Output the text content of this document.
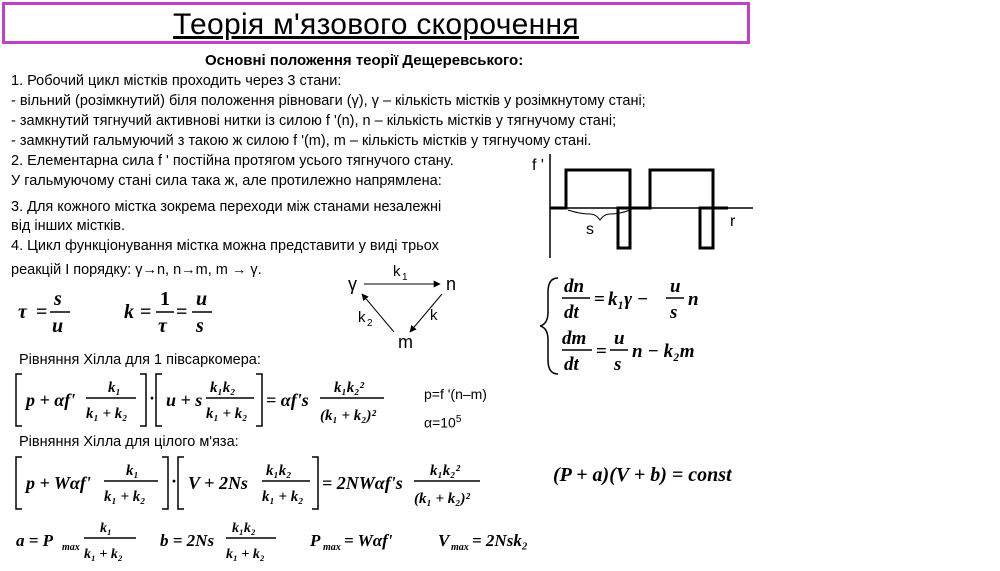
Теорія м'язового скорочення
Основні положення теорії Дещеревського:
1. Робочий цикл містків проходить через 3 стани:
- вільний (розімкнутий) біля положення рівноваги (γ), γ – кількість містків у розімкнутому стані;
- замкнутий тягнучий активнові нитки із силою f '(n), n – кількість містків у тягнучому стані;
- замкнутий гальмуючий з такою ж силою f '(m), m – кількість містків у тягнучому стані.
2. Елементарна сила f ' постійна протягом усього тягнучого стану.
У гальмуючому стані сила така ж, але протилежно напрямлена:
3. Для кожного містка зокрема переходи між станами незалежні
від інших містків.
4. Цикл функціонування містка можна представити у виді трьох
реакцій I порядку: γ→n, n→m, m → γ.
f '
r
s
γ	n
m
k 1
k 2	k
τ =
s
u
k =
1
τ
=
u
s
dn
dt
= k₁γ −
u
s
n
dm
dt
=
u
s
n − k₂m
Рівняння Хілла для 1 півсаркомера:
p + αf'
k₁
k₁ + k₂
· u + s
k₁k₂
k₁ + k₂
= αf's
k₁k₂²
(k₁ + k₂)²
p=f '(n–m)
$\alpha=10^5$
Рівняння Хілла для цілого м'яза:
p + Wαf'
k₁
k₁ + k₂
· V + 2Ns
k₁k₂
k₁ + k₂
= 2NWαf's
k₁k₂²
(k₁ + k₂)²
(P + a)(V + b) = const
a = P max
k₁
k₁ + k₂
b = 2Ns
k₁k₂
k₁ + k₂
P max = Wαf'	V max = 2Nsk₂
